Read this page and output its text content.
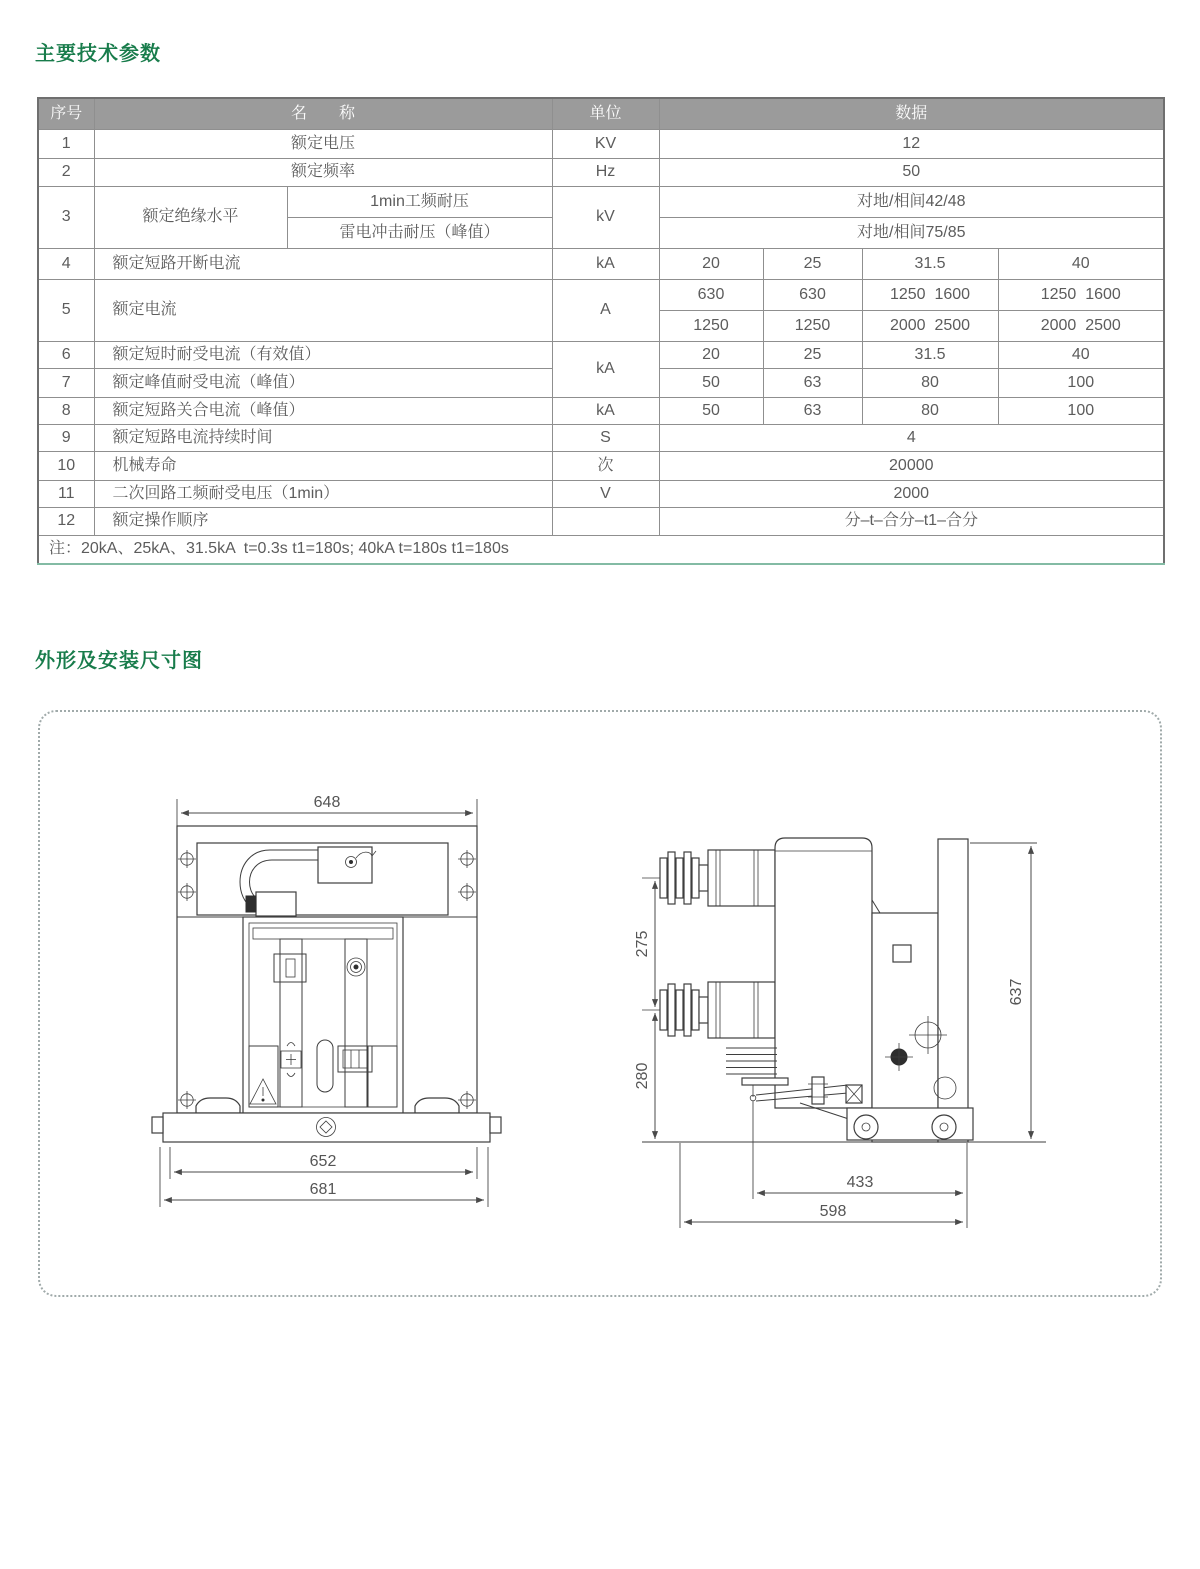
主要技术参数
序号	名　　称		单位	数据			
1	额定电压		KV	12			
2	额定频率		Hz	50			
3	额定绝缘水平	1min工频耐压	kV	对地/相间42/48			
		雷电冲击耐压（峰值）		对地/相间75/85			
4	额定短路开断电流		kA	20	25	31.5	40
5	额定电流		A	630	630	1250  1600	1250  1600
				1250	1250	2000  2500	2000  2500
6	额定短时耐受电流（有效值）		kA	20	25	31.5	40
7	额定峰值耐受电流（峰值）			50	63	80	100
8	额定短路关合电流（峰值）		kA	50	63	80	100
9	额定短路电流持续时间		S	4			
10	机械寿命		次	20000			
11	二次回路工频耐受电压（1min）		V	2000			
12	额定操作顺序			分–t–合分–t1–合分			
注：20kA、25kA、31.5kA  t=0.3s t1=180s; 40kA t=180s t1=180s							
外形及安装尺寸图
648
652
681
275
280
637
433
598
